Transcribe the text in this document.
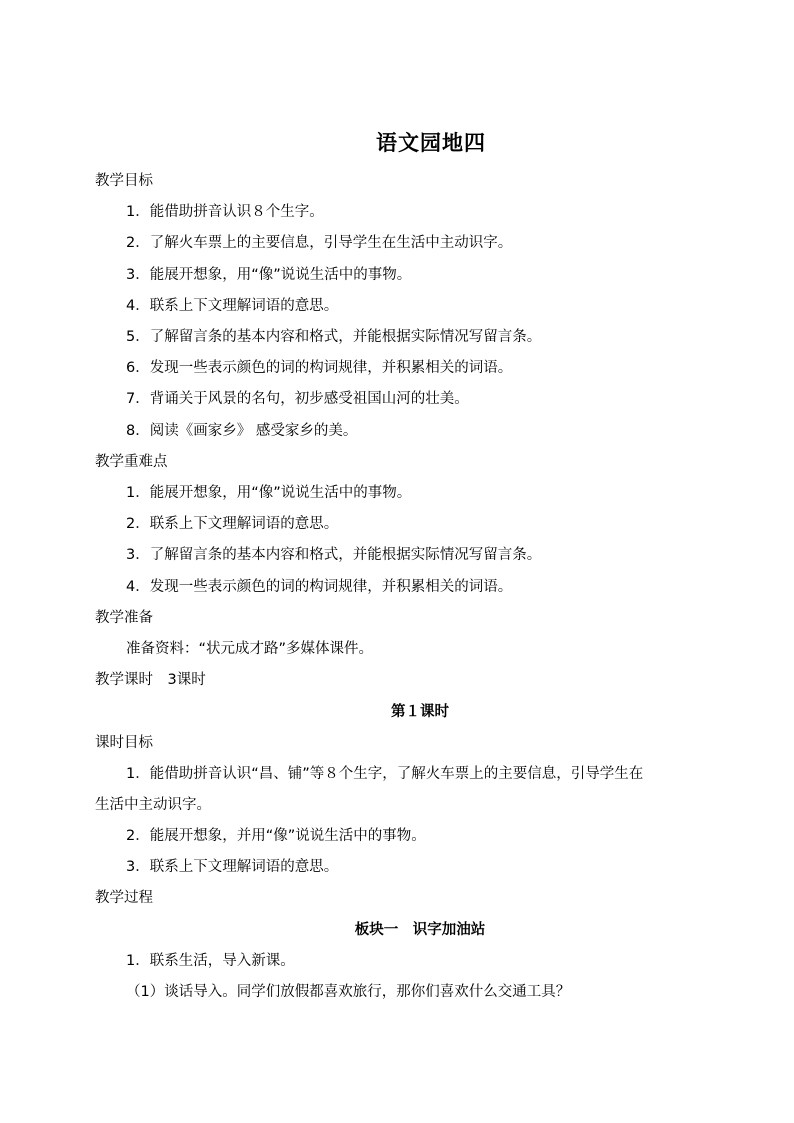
语文园地四
教学目标
1．能借助拼音认识８个生字。
2．了解火车票上的主要信息，引导学生在生活中主动识字。
3．能展开想象，用“像”说说生活中的事物。
4．联系上下文理解词语的意思。
5．了解留言条的基本内容和格式，并能根据实际情况写留言条。
6．发现一些表示颜色的词的构词规律，并积累相关的词语。
7．背诵关于风景的名句，初步感受祖国山河的壮美。
8．阅读《画家乡》 感受家乡的美。
教学重难点
1．能展开想象，用“像”说说生活中的事物。
2．联系上下文理解词语的意思。
3．了解留言条的基本内容和格式，并能根据实际情况写留言条。
4．发现一些表示颜色的词的构词规律，并积累相关的词语。
教学准备
准备资料：“状元成才路”多媒体课件。
教学课时　3课时
第１课时
课时目标
1．能借助拼音认识“昌、铺”等８个生字，了解火车票上的主要信息，引导学生在
生活中主动识字。
2．能展开想象，并用“像”说说生活中的事物。
3．联系上下文理解词语的意思。
教学过程
板块一　识字加油站
1．联系生活，导入新课。
（1）谈话导入。同学们放假都喜欢旅行，那你们喜欢什么交通工具？
